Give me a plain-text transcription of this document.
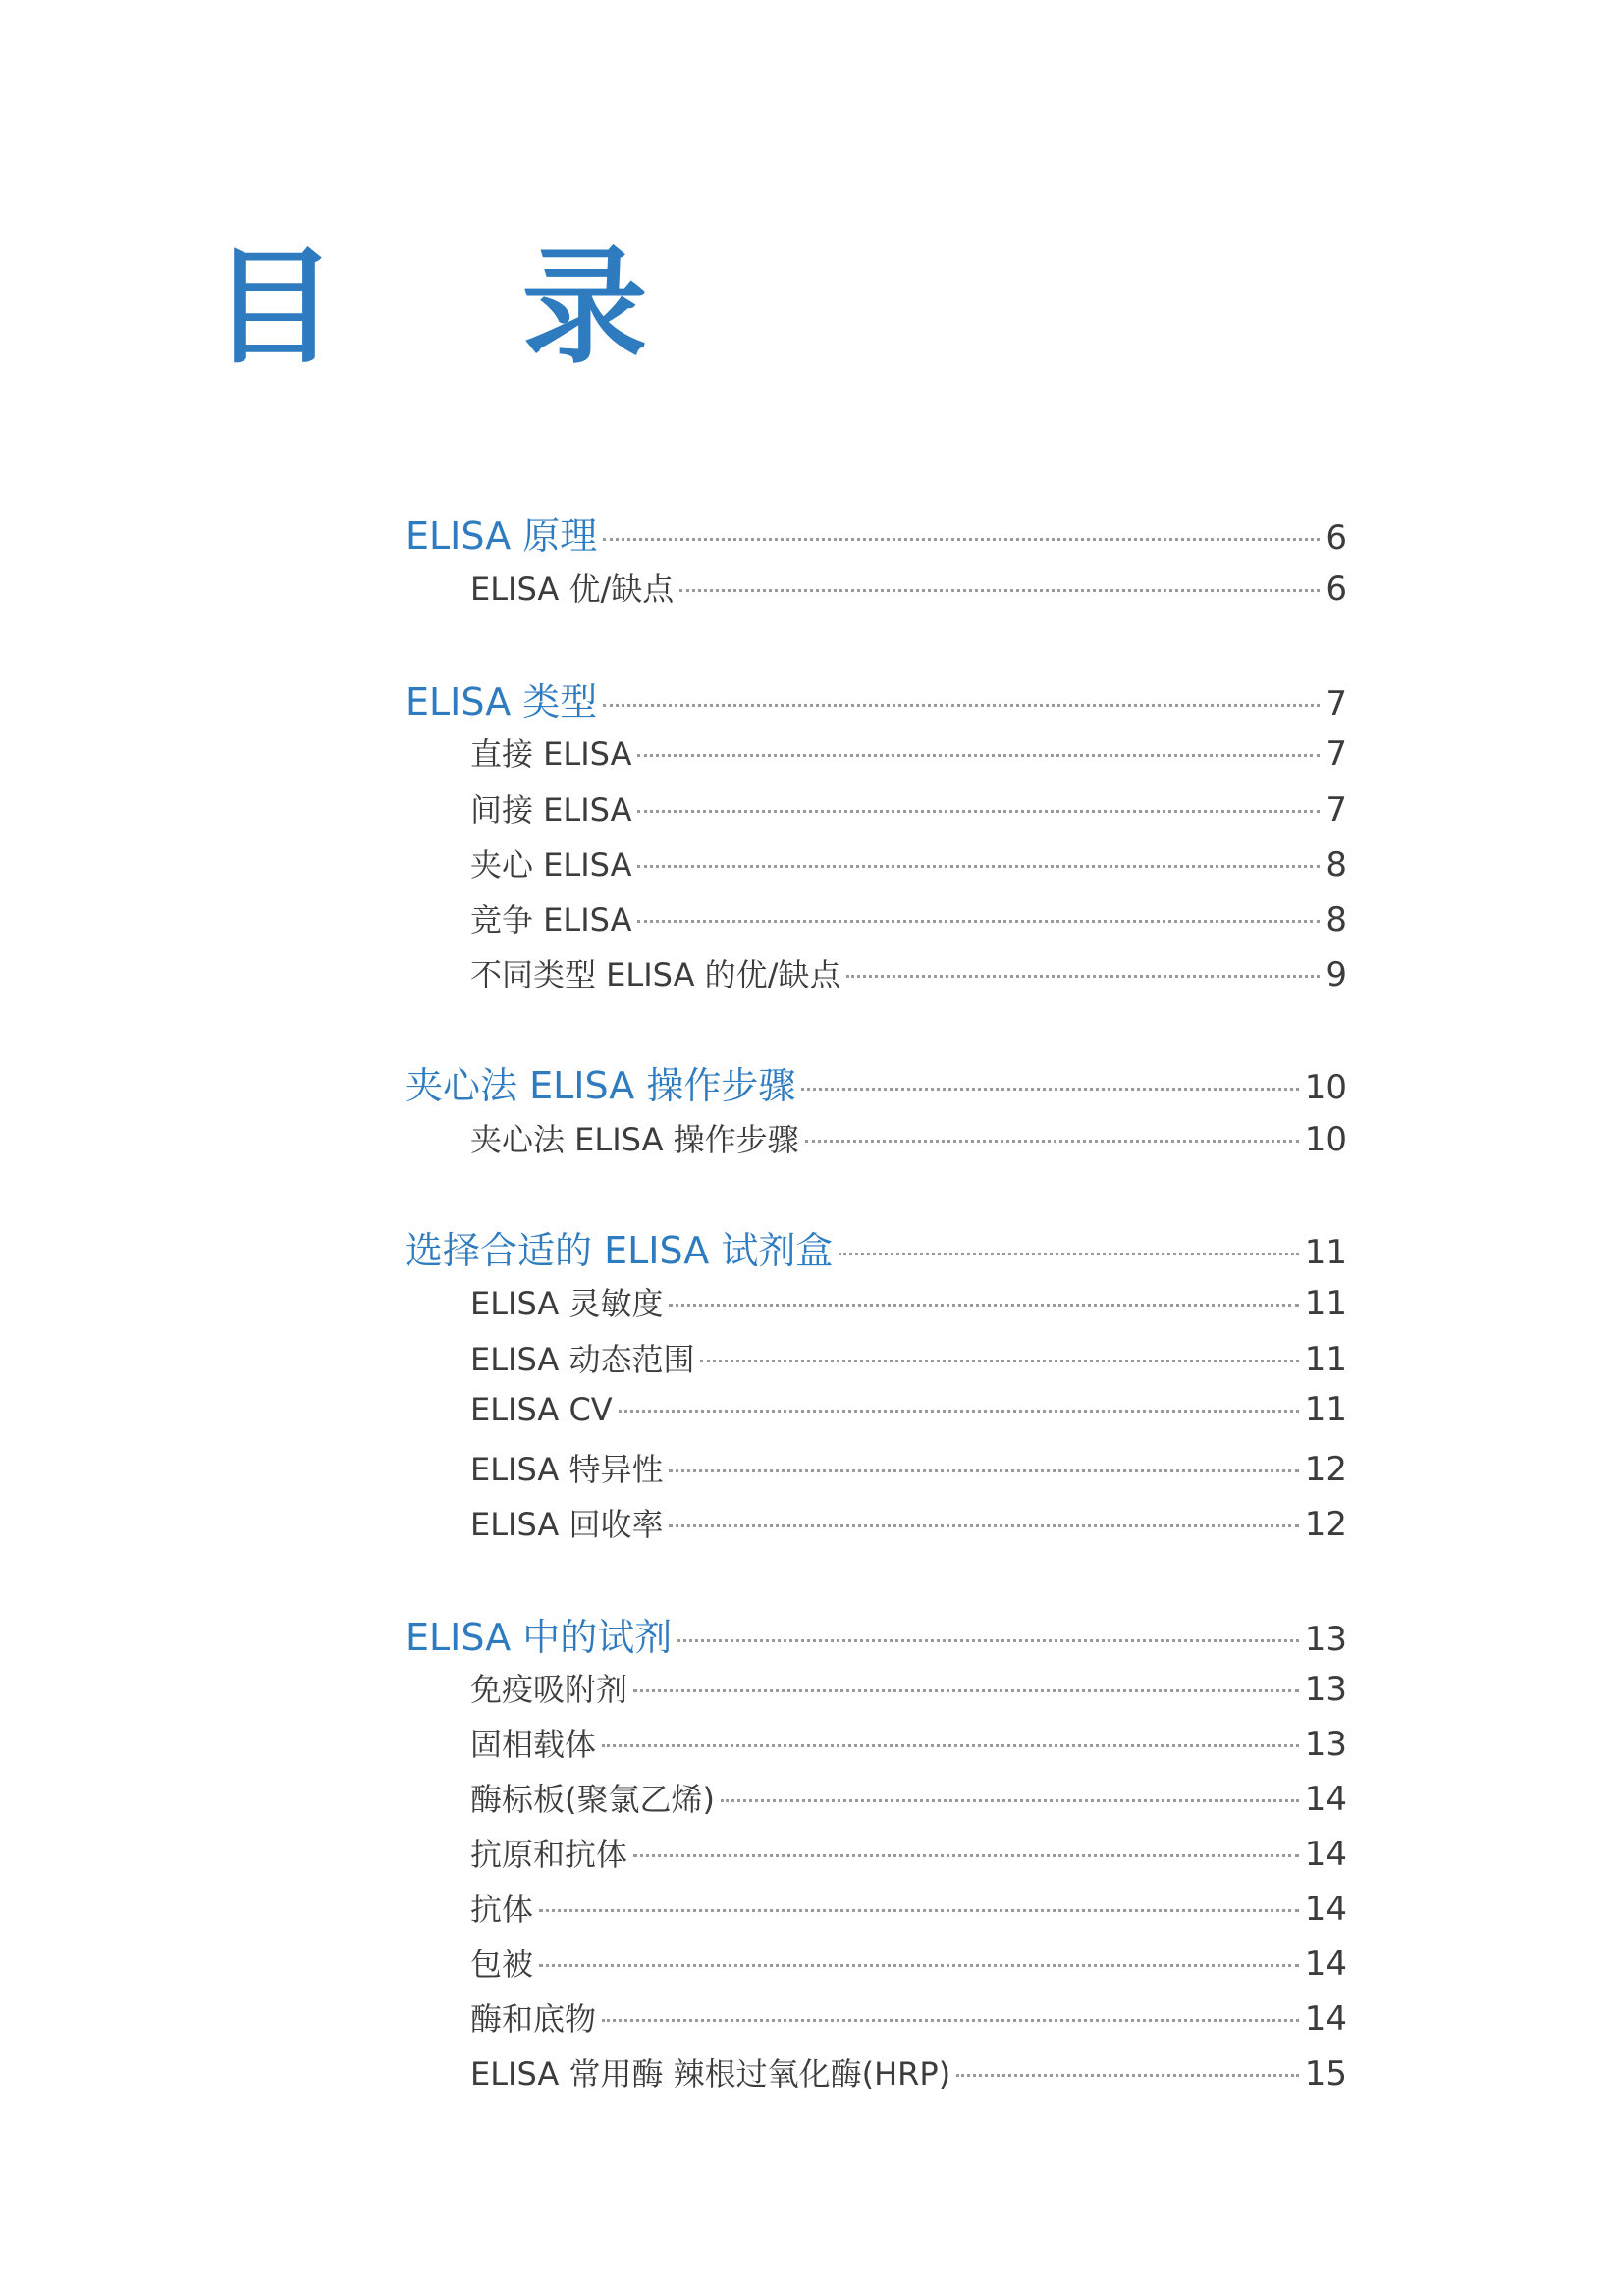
目 录
ELISA 原理	6
ELISA 优/缺点	6
ELISA 类型	7
直接 ELISA	7
间接 ELISA	7
夹心 ELISA	8
竞争 ELISA	8
不同类型 ELISA 的优/缺点	9
夹心法 ELISA 操作步骤	10
夹心法 ELISA 操作步骤	10
选择合适的 ELISA 试剂盒	11
ELISA 灵敏度	11
ELISA 动态范围	11
ELISA CV	11
ELISA 特异性	12
ELISA 回收率	12
ELISA 中的试剂	13
免疫吸附剂	13
固相载体	13
酶标板(聚氯乙烯)	14
抗原和抗体	14
抗体	14
包被	14
酶和底物	14
ELISA 常用酶 辣根过氧化酶(HRP)	15
